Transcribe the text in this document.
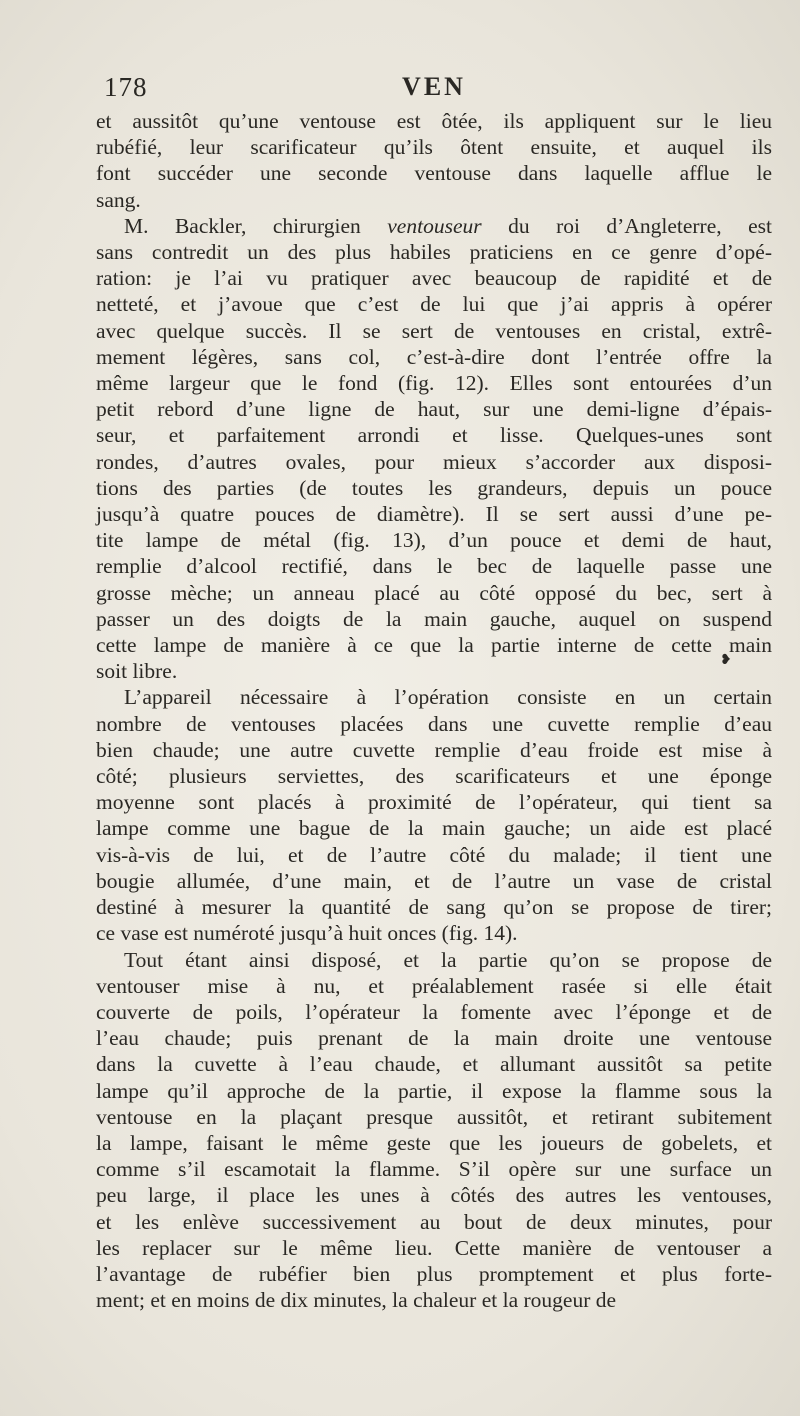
178	VEN
et aussitôt qu’une ventouse est ôtée, ils appliquent sur le lieu
rubéfié, leur scarificateur qu’ils ôtent ensuite, et auquel ils
font succéder une seconde ventouse dans laquelle afflue le
sang.
M. Backler, chirurgien ventouseur du roi d’Angleterre, est
sans contredit un des plus habiles praticiens en ce genre d’opé-
ration: je l’ai vu pratiquer avec beaucoup de rapidité et de
netteté, et j’avoue que c’est de lui que j’ai appris à opérer
avec quelque succès. Il se sert de ventouses en cristal, extrê-
mement légères, sans col, c’est-à-dire dont l’entrée offre la
même largeur que le fond (fig. 12). Elles sont entourées d’un
petit rebord d’une ligne de haut, sur une demi-ligne d’épais-
seur, et parfaitement arrondi et lisse. Quelques-unes sont
rondes, d’autres ovales, pour mieux s’accorder aux disposi-
tions des parties (de toutes les grandeurs, depuis un pouce
jusqu’à quatre pouces de diamètre). Il se sert aussi d’une pe-
tite lampe de métal (fig. 13), d’un pouce et demi de haut,
remplie d’alcool rectifié, dans le bec de laquelle passe une
grosse mèche; un anneau placé au côté opposé du bec, sert à
passer un des doigts de la main gauche, auquel on suspend
cette lampe de manière à ce que la partie interne de cette main
soit libre.
L’appareil nécessaire à l’opération consiste en un certain
nombre de ventouses placées dans une cuvette remplie d’eau
bien chaude; une autre cuvette remplie d’eau froide est mise à
côté; plusieurs serviettes, des scarificateurs et une éponge
moyenne sont placés à proximité de l’opérateur, qui tient sa
lampe comme une bague de la main gauche; un aide est placé
vis-à-vis de lui, et de l’autre côté du malade; il tient une
bougie allumée, d’une main, et de l’autre un vase de cristal
destiné à mesurer la quantité de sang qu’on se propose de tirer;
ce vase est numéroté jusqu’à huit onces (fig. 14).
Tout étant ainsi disposé, et la partie qu’on se propose de
ventouser mise à nu, et préalablement rasée si elle était
couverte de poils, l’opérateur la fomente avec l’éponge et de
l’eau chaude; puis prenant de la main droite une ventouse
dans la cuvette à l’eau chaude, et allumant aussitôt sa petite
lampe qu’il approche de la partie, il expose la flamme sous la
ventouse en la plaçant presque aussitôt, et retirant subitement
la lampe, faisant le même geste que les joueurs de gobelets, et
comme s’il escamotait la flamme. S’il opère sur une surface un
peu large, il place les unes à côtés des autres les ventouses,
et les enlève successivement au bout de deux minutes, pour
les replacer sur le même lieu. Cette manière de ventouser a
l’avantage de rubéfier bien plus promptement et plus forte-
ment; et en moins de dix minutes, la chaleur et la rougeur de
❥
